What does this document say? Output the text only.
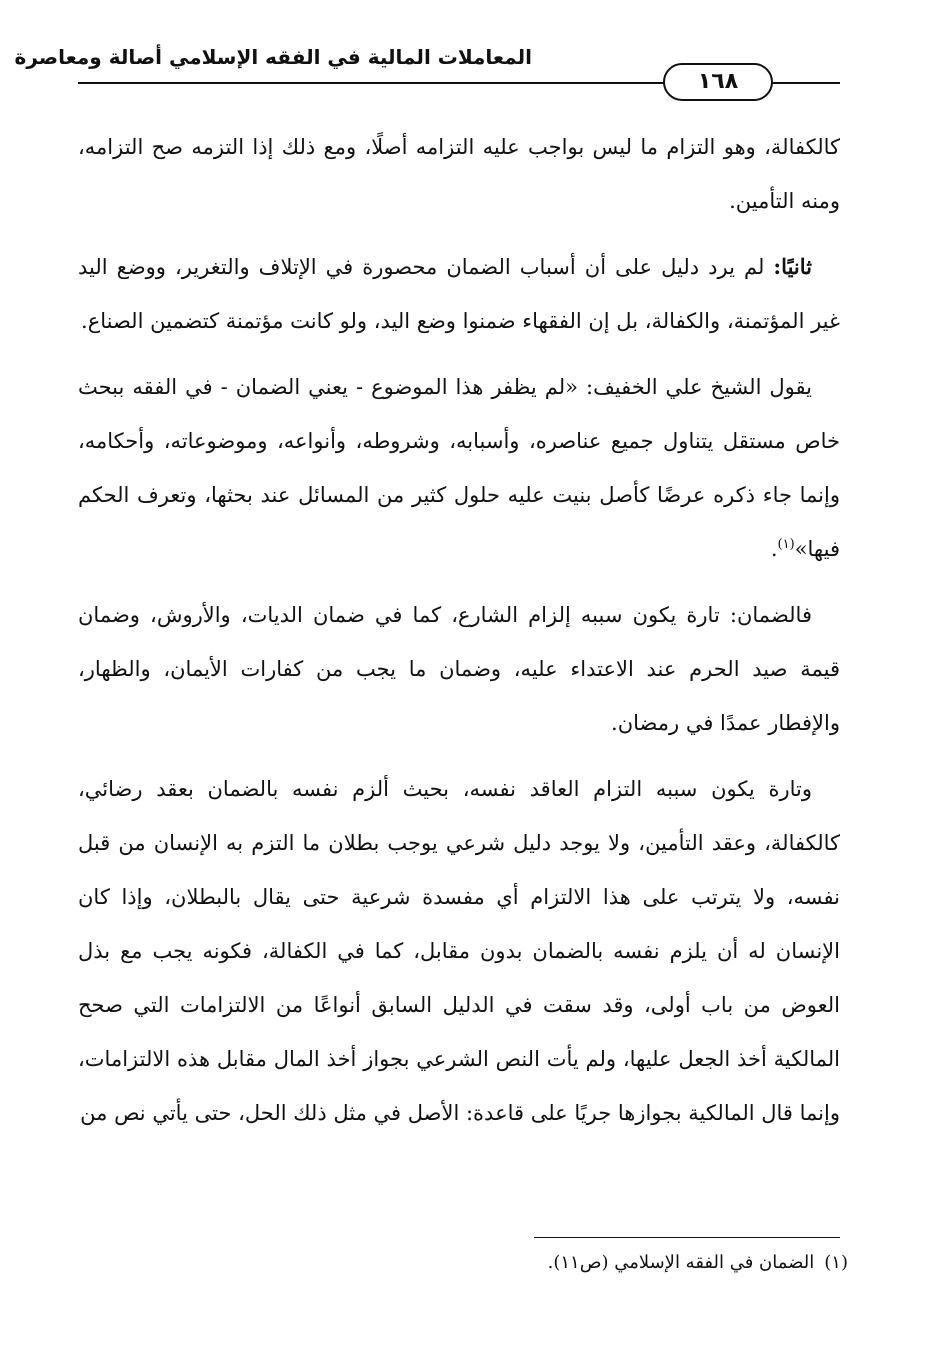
المعاملات المالية في الفقه الإسلامي أصالة ومعاصرة
١٦٨

كالكفالة، وهو التزام ما ليس بواجب عليه التزامه أصلًا، ومع ذلك إذا التزمه صح التزامه، ومنه التأمين.

ثانيًا: لم يرد دليل على أن أسباب الضمان محصورة في الإتلاف والتغرير، ووضع اليد غير المؤتمنة، والكفالة، بل إن الفقهاء ضمنوا وضع اليد، ولو كانت مؤتمنة كتضمين الصناع.

يقول الشيخ علي الخفيف: «لم يظفر هذا الموضوع - يعني الضمان - في الفقه ببحث خاص مستقل يتناول جميع عناصره، وأسبابه، وشروطه، وأنواعه، وموضوعاته، وأحكامه، وإنما جاء ذكره عرضًا كأصل بنيت عليه حلول كثير من المسائل عند بحثها، وتعرف الحكم فيها»$^{(١)}$.

فالضمان: تارة يكون سببه إلزام الشارع، كما في ضمان الديات، والأروش، وضمان قيمة صيد الحرم عند الاعتداء عليه، وضمان ما يجب من كفارات الأيمان، والظهار، والإفطار عمدًا في رمضان.

وتارة يكون سببه التزام العاقد نفسه، بحيث ألزم نفسه بالضمان بعقد رضائي، كالكفالة، وعقد التأمين، ولا يوجد دليل شرعي يوجب بطلان ما التزم به الإنسان من قبل نفسه، ولا يترتب على هذا الالتزام أي مفسدة شرعية حتى يقال بالبطلان، وإذا كان الإنسان له أن يلزم نفسه بالضمان بدون مقابل، كما في الكفالة، فكونه يجب مع بذل العوض من باب أولى، وقد سقت في الدليل السابق أنواعًا من الالتزامات التي صحح المالكية أخذ الجعل عليها، ولم يأت النص الشرعي بجواز أخذ المال مقابل هذه الالتزامات، وإنما قال المالكية بجوازها جريًا على قاعدة: الأصل في مثل ذلك الحل، حتى يأتي نص من

(١)الضمان في الفقه الإسلامي (ص١١).
